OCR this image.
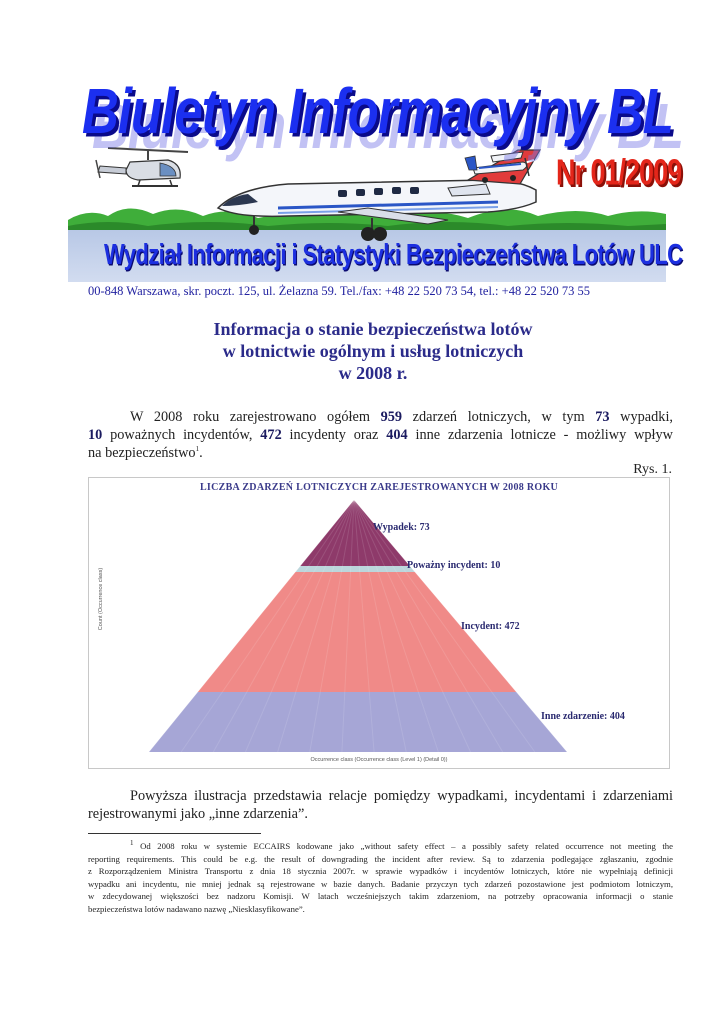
Biuletyn Informacyjny BL
Nr 01/2009
Wydział Informacji i Statystyki Bezpieczeństwa Lotów ULC
00-848 Warszawa, skr. poczt. 125, ul. Żelazna 59. Tel./fax: +48 22 520 73 54, tel.: +48 22 520 73 55
Informacja o stanie bezpieczeństwa lotów
w lotnictwie ogólnym i usług lotniczych
w 2008 r.
W 2008 roku zarejestrowano ogółem 959 zdarzeń lotniczych, w tym 73 wypadki,
10 poważnych incydentów, 472 incydenty oraz 404 inne zdarzenia lotnicze - możliwy wpływ
na bezpieczeństwo$^1$.
Rys. 1.
LICZBA ZDARZEŃ LOTNICZYCH ZAREJESTROWANYCH W 2008 ROKU
Count (Occurrence class)
Occurrence class (Occurrence class (Level 1) (Detail 0))
Wypadek: 73
Poważny incydent: 10
Incydent: 472
Inne zdarzenie: 404
Powyższa ilustracja przedstawia relacje pomiędzy wypadkami, incydentami i zdarzeniami
rejestrowanymi jako „inne zdarzenia”.
$^1$ Od 2008 roku w systemie ECCAIRS kodowane jako „without safety effect – a possibly safety related occurrence not meeting the
reporting requirements. This could be e.g. the result of downgrading the incident after review. Są to zdarzenia podlegające zgłaszaniu, zgodnie
z Rozporządzeniem Ministra Transportu z dnia 18 stycznia 2007r. w sprawie wypadków i incydentów lotniczych, które nie wypełniają definicji
wypadku ani incydentu, nie mniej jednak są rejestrowane w bazie danych. Badanie przyczyn tych zdarzeń pozostawione jest podmiotom lotniczym,
w zdecydowanej większości bez nadzoru Komisji. W latach wcześniejszych takim zdarzeniom, na potrzeby opracowania informacji o stanie
bezpieczeństwa lotów nadawano nazwę „Niesklasyfikowane”.
